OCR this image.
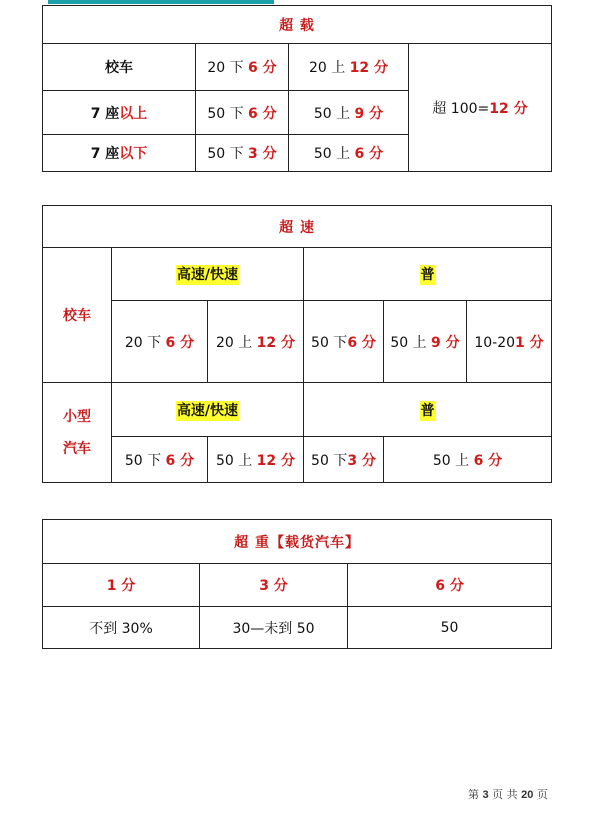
超 载			
校车	20 下 6 分	20 上 12 分	超 100=12 分
7 座以上	50 下 6 分	50 上 9 分	
7 座以下	50 下 3 分	50 上 6 分	
超 速					
校车	高速/快速		普		
	20 下 6 分	20 上 12 分	50 下6 分	50 上 9 分	10-201 分
小型
汽车	高速/快速		普		
	50 下 6 分	50 上 12 分	50 下3 分	50 上 6 分	
超 重【载货汽车】		
1 分	3 分	6 分
不到 30%	30—未到 50	50
第 3 页 共 20 页
